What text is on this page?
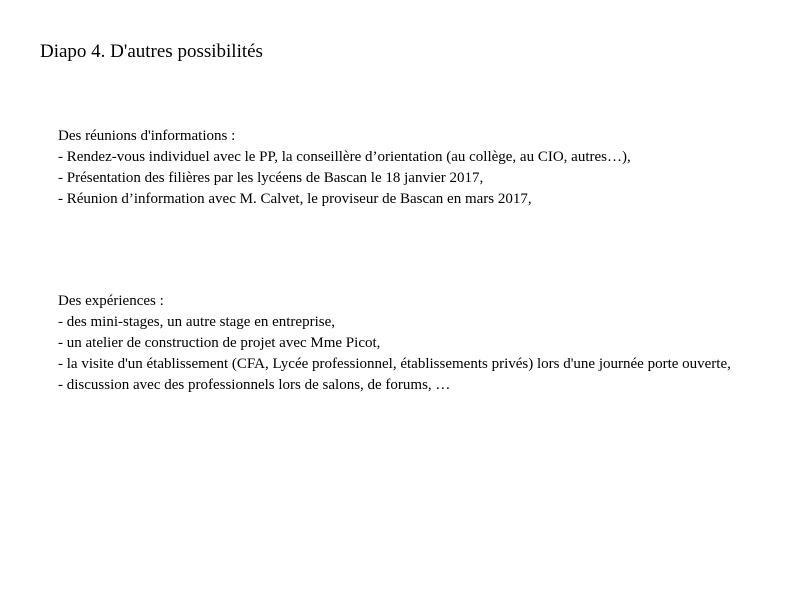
Diapo 4. D'autres possibilités
Des réunions d'informations :
- Rendez-vous individuel avec le PP, la conseillère d’orientation (au collège, au CIO, autres…),
- Présentation des filières par les lycéens de Bascan le 18 janvier 2017,
- Réunion d’information avec M. Calvet, le proviseur de Bascan en mars 2017,
Des expériences :
- des mini-stages, un autre stage en entreprise,
- un atelier de construction de projet avec Mme Picot,
- la visite d'un établissement (CFA, Lycée professionnel, établissements privés) lors d'une journée porte ouverte,
- discussion avec des professionnels lors de salons, de forums, …
